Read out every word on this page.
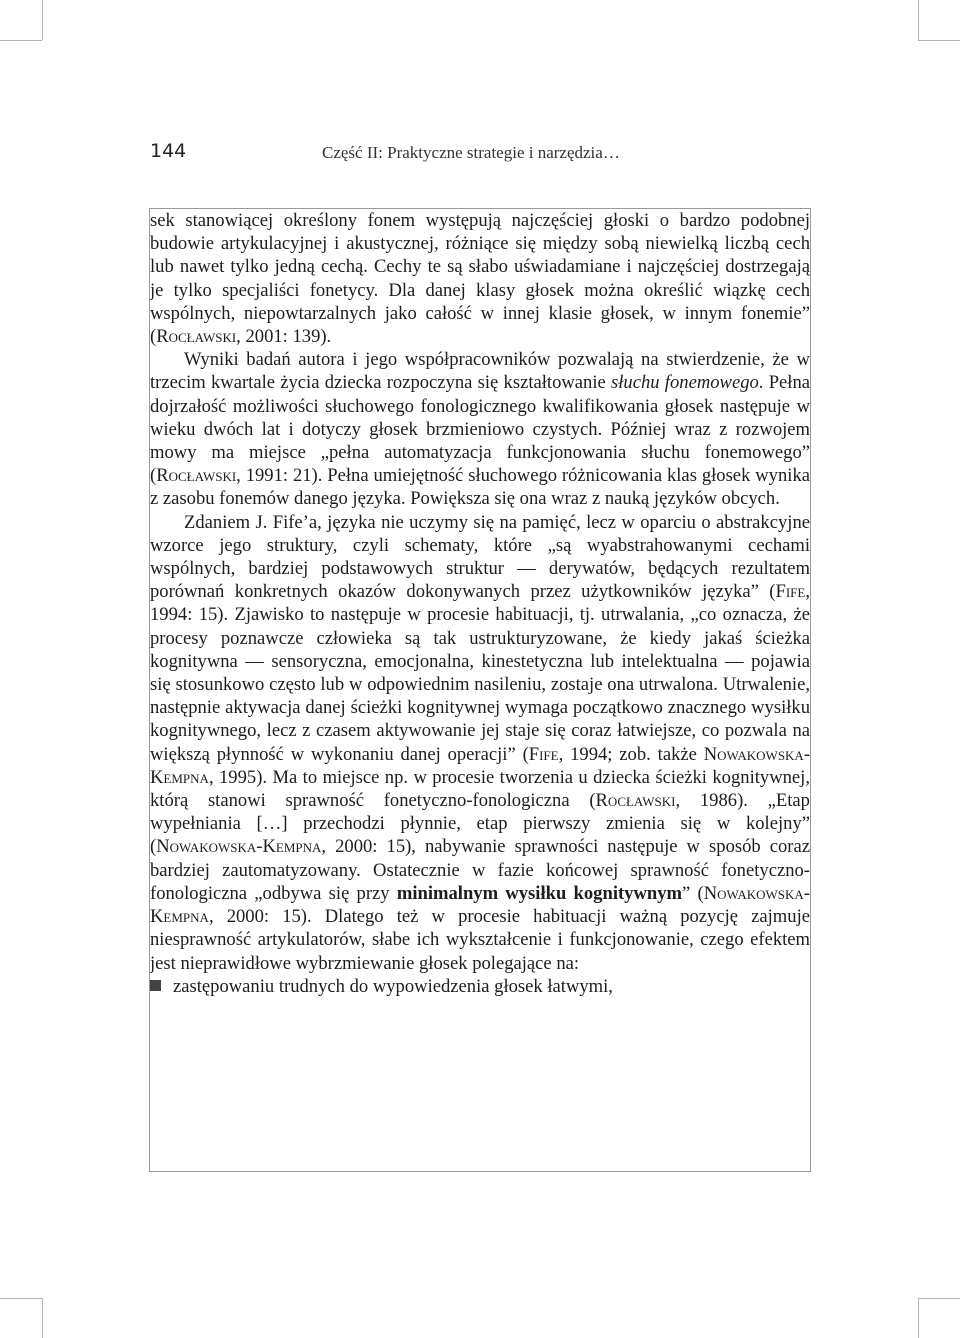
144	Część II: Praktyczne strategie i narzędzia…

sek stanowiącej określony fonem występują najczęściej głoski o bardzo podobnej budowie artykulacyjnej i akustycznej, różniące się między sobą niewielką liczbą cech lub nawet tylko jedną cechą. Cechy te są słabo uświadamiane i najczęściej dostrzegają je tylko specjaliści fonetycy. Dla danej klasy głosek można określić wiązkę cech wspólnych, niepowtarzalnych jako całość w innej klasie głosek, w innym fonemie” (Rocławski, 2001: 139).

Wyniki badań autora i jego współpracowników pozwalają na stwierdzenie, że w trzecim kwartale życia dziecka rozpoczyna się kształtowanie słuchu fonemowego. Pełna dojrzałość możliwości słuchowego fonologicznego kwalifikowania głosek następuje w wieku dwóch lat i dotyczy głosek brzmieniowo czystych. Później wraz z rozwojem mowy ma miejsce „pełna automatyzacja funkcjonowania słuchu fonemowego” (Rocławski, 1991: 21). Pełna umiejętność słuchowego różnicowania klas głosek wynika z zasobu fonemów danego języka. Powiększa się ona wraz z nauką języków obcych.

Zdaniem J. Fife’a, języka nie uczymy się na pamięć, lecz w oparciu o abstrakcyjne wzorce jego struktury, czyli schematy, które „są wyabstrahowanymi cechami wspólnych, bardziej podstawowych struktur — derywatów, będących rezultatem porównań konkretnych okazów dokonywanych przez użytkowników języka” (Fife, 1994: 15). Zjawisko to następuje w procesie habituacji, tj. utrwalania, „co oznacza, że procesy poznawcze człowieka są tak ustrukturyzowane, że kiedy jakaś ścieżka kognitywna — sensoryczna, emocjonalna, kinestetyczna lub intelektualna — pojawia się stosunkowo często lub w odpowiednim nasileniu, zostaje ona utrwalona. Utrwalenie, następnie aktywacja danej ścieżki kognitywnej wymaga początkowo znacznego wysiłku kognitywnego, lecz z czasem aktywowanie jej staje się coraz łatwiejsze, co pozwala na większą płynność w wykonaniu danej operacji” (Fife, 1994; zob. także Nowakowska-Kempna, 1995). Ma to miejsce np. w procesie tworzenia u dziecka ścieżki kognitywnej, którą stanowi sprawność fonetyczno-fonologiczna (Rocławski, 1986). „Etap wypełniania […] przechodzi płynnie, etap pierwszy zmienia się w kolejny” (Nowakowska-Kempna, 2000: 15), nabywanie sprawności następuje w sposób coraz bardziej zautomatyzowany. Ostatecznie w fazie końcowej sprawność fonetyczno-fonologiczna „odbywa się przy minimalnym wysiłku kognitywnym” (Nowakowska-Kempna, 2000: 15). Dlatego też w procesie habituacji ważną pozycję zajmuje niesprawność artykulatorów, słabe ich wykształcenie i funkcjonowanie, czego efektem jest nieprawidłowe wybrzmiewanie głosek polegające na:

zastępowaniu trudnych do wypowiedzenia głosek łatwymi,
